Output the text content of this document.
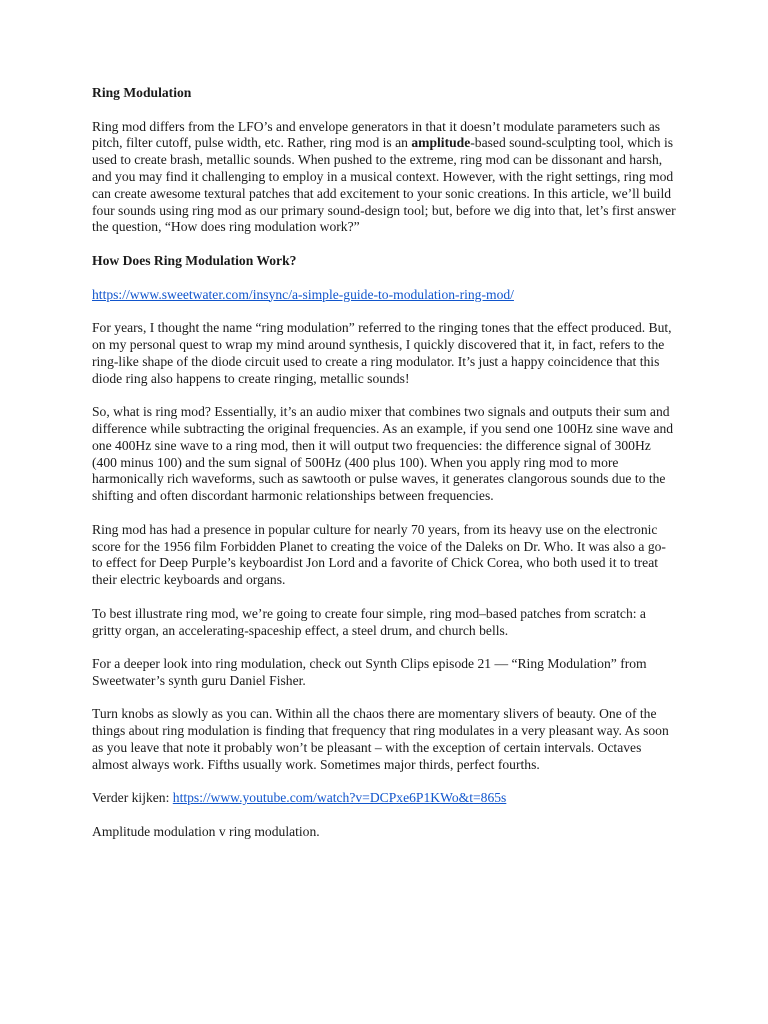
Ring Modulation

Ring mod differs from the LFO’s and envelope generators in that it doesn’t modulate parameters such as pitch, filter cutoff, pulse width, etc. Rather, ring mod is an amplitude-based sound-sculpting tool, which is used to create brash, metallic sounds. When pushed to the extreme, ring mod can be dissonant and harsh, and you may find it challenging to employ in a musical context. However, with the right settings, ring mod can create awesome textural patches that add excitement to your sonic creations. In this article, we’ll build four sounds using ring mod as our primary sound-design tool; but, before we dig into that, let’s first answer the question, “How does ring modulation work?”

How Does Ring Modulation Work?

https://www.sweetwater.com/insync/a-simple-guide-to-modulation-ring-mod/

For years, I thought the name “ring modulation” referred to the ringing tones that the effect produced. But, on my personal quest to wrap my mind around synthesis, I quickly discovered that it, in fact, refers to the ring-like shape of the diode circuit used to create a ring modulator. It’s just a happy coincidence that this diode ring also happens to create ringing, metallic sounds!

So, what is ring mod? Essentially, it’s an audio mixer that combines two signals and outputs their sum and difference while subtracting the original frequencies. As an example, if you send one 100Hz sine wave and one 400Hz sine wave to a ring mod, then it will output two frequencies: the difference signal of 300Hz (400 minus 100) and the sum signal of 500Hz (400 plus 100). When you apply ring mod to more harmonically rich waveforms, such as sawtooth or pulse waves, it generates clangorous sounds due to the shifting and often discordant harmonic relationships between frequencies.

Ring mod has had a presence in popular culture for nearly 70 years, from its heavy use on the electronic score for the 1956 film Forbidden Planet to creating the voice of the Daleks on Dr. Who. It was also a go-to effect for Deep Purple’s keyboardist Jon Lord and a favorite of Chick Corea, who both used it to treat their electric keyboards and organs.

To best illustrate ring mod, we’re going to create four simple, ring mod–based patches from scratch: a gritty organ, an accelerating-spaceship effect, a steel drum, and church bells.

For a deeper look into ring modulation, check out Synth Clips episode 21 — “Ring Modulation” from Sweetwater’s synth guru Daniel Fisher.

Turn knobs as slowly as you can. Within all the chaos there are momentary slivers of beauty. One of the things about ring modulation is finding that frequency that ring modulates in a very pleasant way. As soon as you leave that note it probably won’t be pleasant – with the exception of certain intervals. Octaves almost always work. Fifths usually work. Sometimes major thirds, perfect fourths.

Verder kijken: https://www.youtube.com/watch?v=DCPxe6P1KWo&t=865s

Amplitude modulation v ring modulation.
